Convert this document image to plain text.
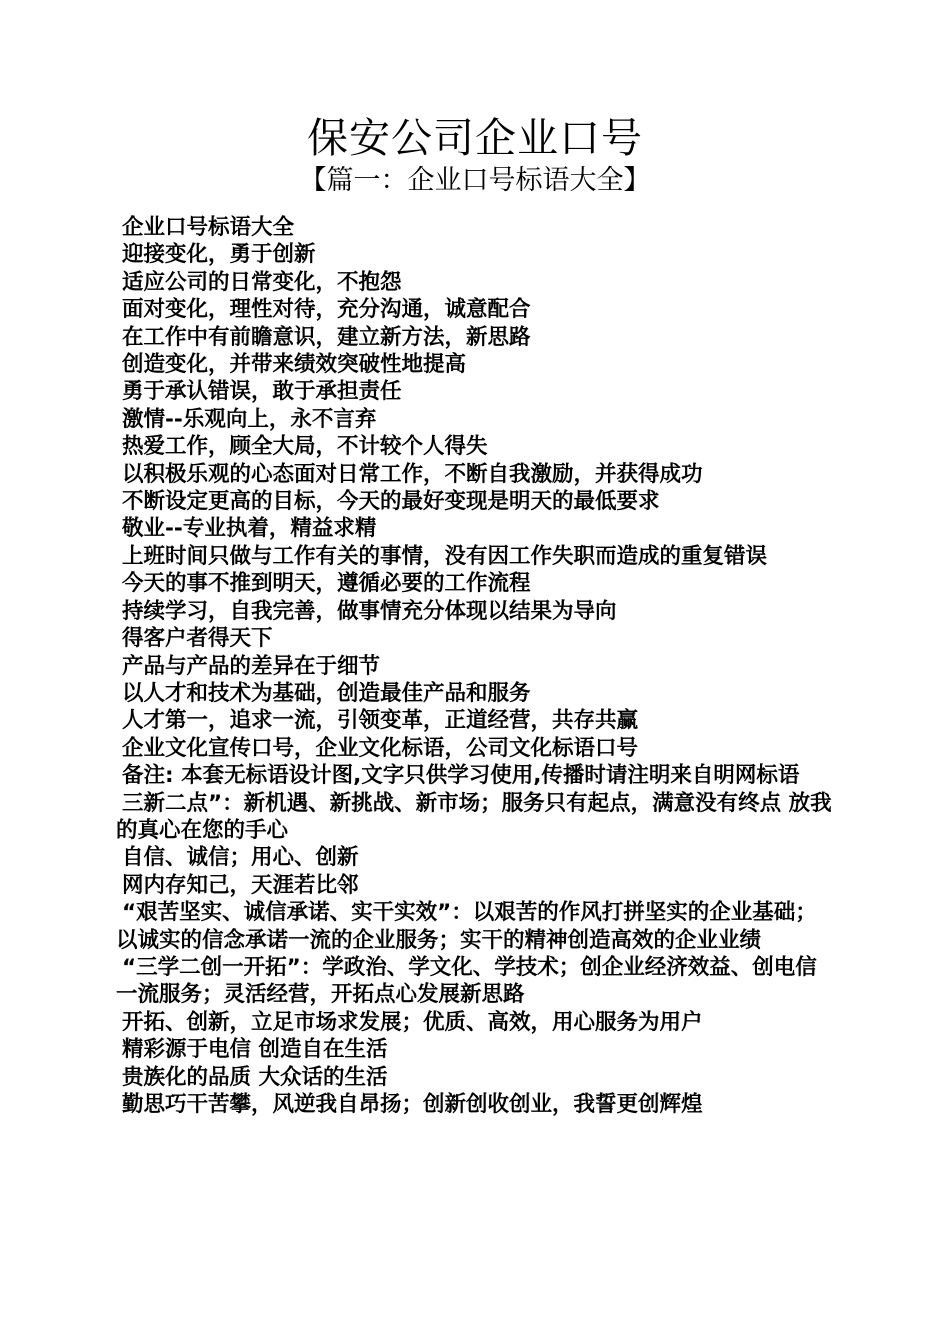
保安公司企业口号
【篇一：企业口号标语大全】
企业口号标语大全
迎接变化，勇于创新
适应公司的日常变化，不抱怨
面对变化，理性对待，充分沟通，诚意配合
在工作中有前瞻意识，建立新方法，新思路
创造变化，并带来绩效突破性地提高
勇于承认错误，敢于承担责任
激情--乐观向上，永不言弃
热爱工作，顾全大局，不计较个人得失
以积极乐观的心态面对日常工作，不断自我激励，并获得成功
不断设定更高的目标，今天的最好变现是明天的最低要求
敬业--专业执着，精益求精
上班时间只做与工作有关的事情，没有因工作失职而造成的重复错误
今天的事不推到明天，遵循必要的工作流程
持续学习，自我完善，做事情充分体现以结果为导向
得客户者得天下
产品与产品的差异在于细节
以人才和技术为基础，创造最佳产品和服务
人才第一，追求一流，引领变革，正道经营，共存共赢
企业文化宣传口号，企业文化标语，公司文化标语口号
备注: 本套无标语设计图,文字只供学习使用,传播时请注明来自明网标语
三新二点”：新机遇、新挑战、新市场；服务只有起点，满意没有终点 放我的真心在您的手心
自信、诚信；用心、创新
网内存知己，天涯若比邻
“艰苦坚实、诚信承诺、实干实效”：以艰苦的作风打拼坚实的企业基础；以诚实的信念承诺一流的企业服务；实干的精神创造高效的企业业绩
“三学二创一开拓”：学政治、学文化、学技术；创企业经济效益、创电信一流服务；灵活经营，开拓点心发展新思路
开拓、创新，立足市场求发展；优质、高效，用心服务为用户
精彩源于电信 创造自在生活
贵族化的品质 大众话的生活
勤思巧干苦攀，风逆我自昂扬；创新创收创业，我誓更创辉煌
